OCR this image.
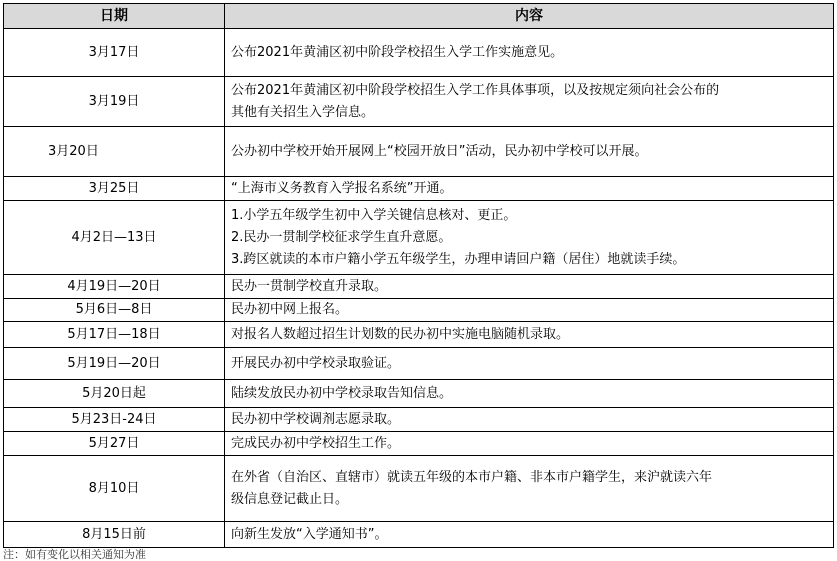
日期	内容
3月17日	公布2021年黄浦区初中阶段学校招生入学工作实施意见。

3月19日	公布2021年黄浦区初中阶段学校招生入学工作具体事项，以及按规定须向社会公布的
其他有关招生入学信息。

3月20日	公办初中学校开始开展网上“校园开放日”活动，民办初中学校可以开展。

3月25日	“上海市义务教育入学报名系统”开通。

4月2日—13日	1.小学五年级学生初中入学关键信息核对、更正。
2.民办一贯制学校征求学生直升意愿。
3.跨区就读的本市户籍小学五年级学生，办理申请回户籍（居住）地就读手续。

4月19日—20日	民办一贯制学校直升录取。

5月6日—8日	民办初中网上报名。

5月17日—18日	对报名人数超过招生计划数的民办初中实施电脑随机录取。

5月19日—20日	开展民办初中学校录取验证。

5月20日起	陆续发放民办初中学校录取告知信息。

5月23日-24日	民办初中学校调剂志愿录取。

5月27日	完成民办初中学校招生工作。

8月10日	在外省（自治区、直辖市）就读五年级的本市户籍、非本市户籍学生，来沪就读六年
级信息登记截止日。

8月15日前	向新生发放“入学通知书”。
注：如有变化以相关通知为准
